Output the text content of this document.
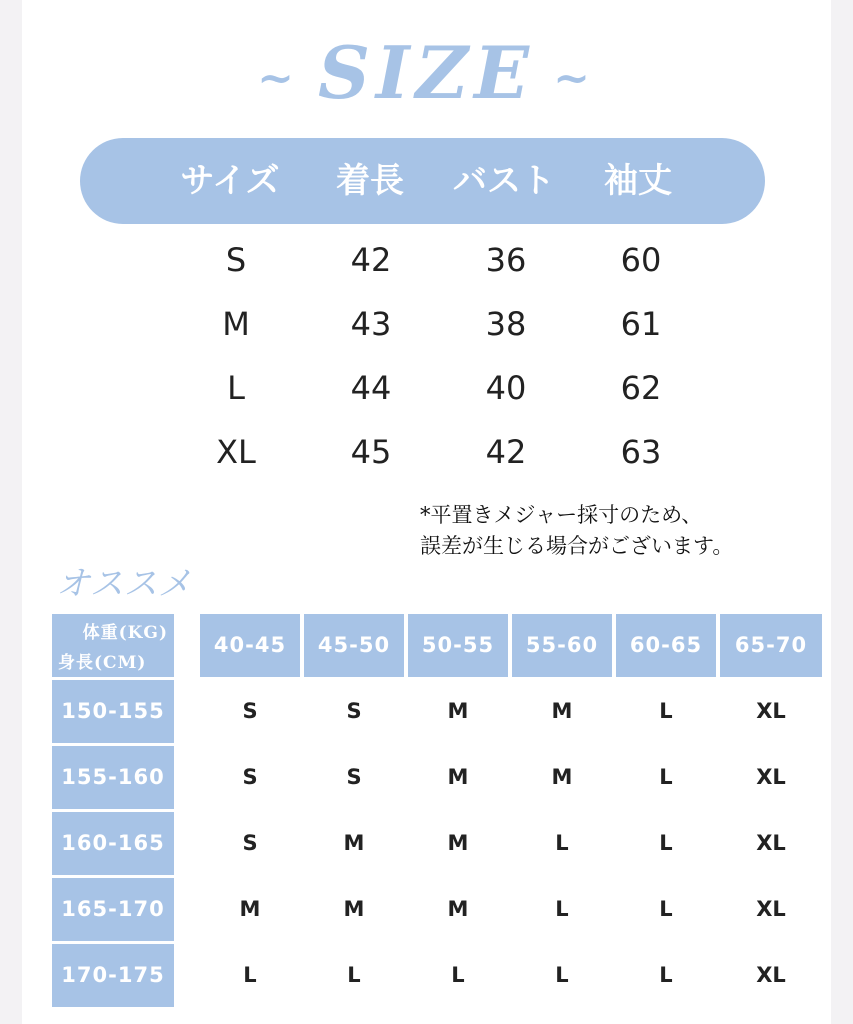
~ SIZE ~
サイズ	着長	バスト	袖丈
S	42	36	60
M	43	38	61
L	44	40	62
XL	45	42	63
*平置きメジャー採寸のため、
誤差が生じる場合がございます。
オススメ
体重(KG)
身長(CM)
40-45	45-50	50-55	55-60	60-65	65-70
150-155	S	S	M	M	L	XL
155-160	S	S	M	M	L	XL
160-165	S	M	M	L	L	XL
165-170	M	M	M	L	L	XL
170-175	L	L	L	L	L	XL
